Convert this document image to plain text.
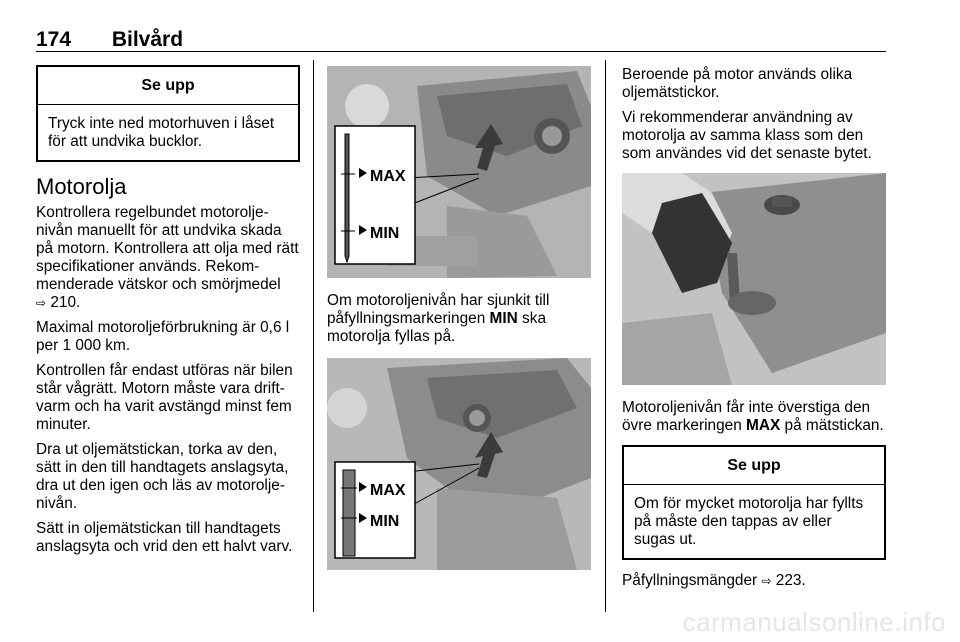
174 Bilvård
Se upp
Tryck inte ned motorhuven i låset för att undvika bucklor.
Motorolja

Kontrollera regelbundet motoroljenivån manuellt för att undvika skada på motorn. Kontrollera att olja med rätt specifikationer används. Rekommenderade vätskor och smörjmedel
⇨ 210.

Maximal motoroljeförbrukning är 0,6 l per 1 000 km.

Kontrollen får endast utföras när bilen står vågrätt. Motorn måste vara driftvarm och ha varit avstängd minst fem minuter.

Dra ut oljemätstickan, torka av den, sätt in den till handtagets anslagsyta, dra ut den igen och läs av motoroljenivån.

Sätt in oljemätstickan till handtagets anslagsyta och vrid den ett halvt varv.

MAX
MIN

Om motoroljenivån har sjunkit till påfyllningsmarkeringen MIN ska motorolja fyllas på.

MAX
MIN

Beroende på motor används olika oljemätstickor.

Vi rekommenderar användning av motorolja av samma klass som den som användes vid det senaste bytet.

Motoroljenivån får inte överstiga den övre markeringen MAX på mätstickan.

Se upp
Om för mycket motorolja har fyllts på måste den tappas av eller sugas ut.

Påfyllningsmängder ⇨ 223.

carmanualsonline.info
